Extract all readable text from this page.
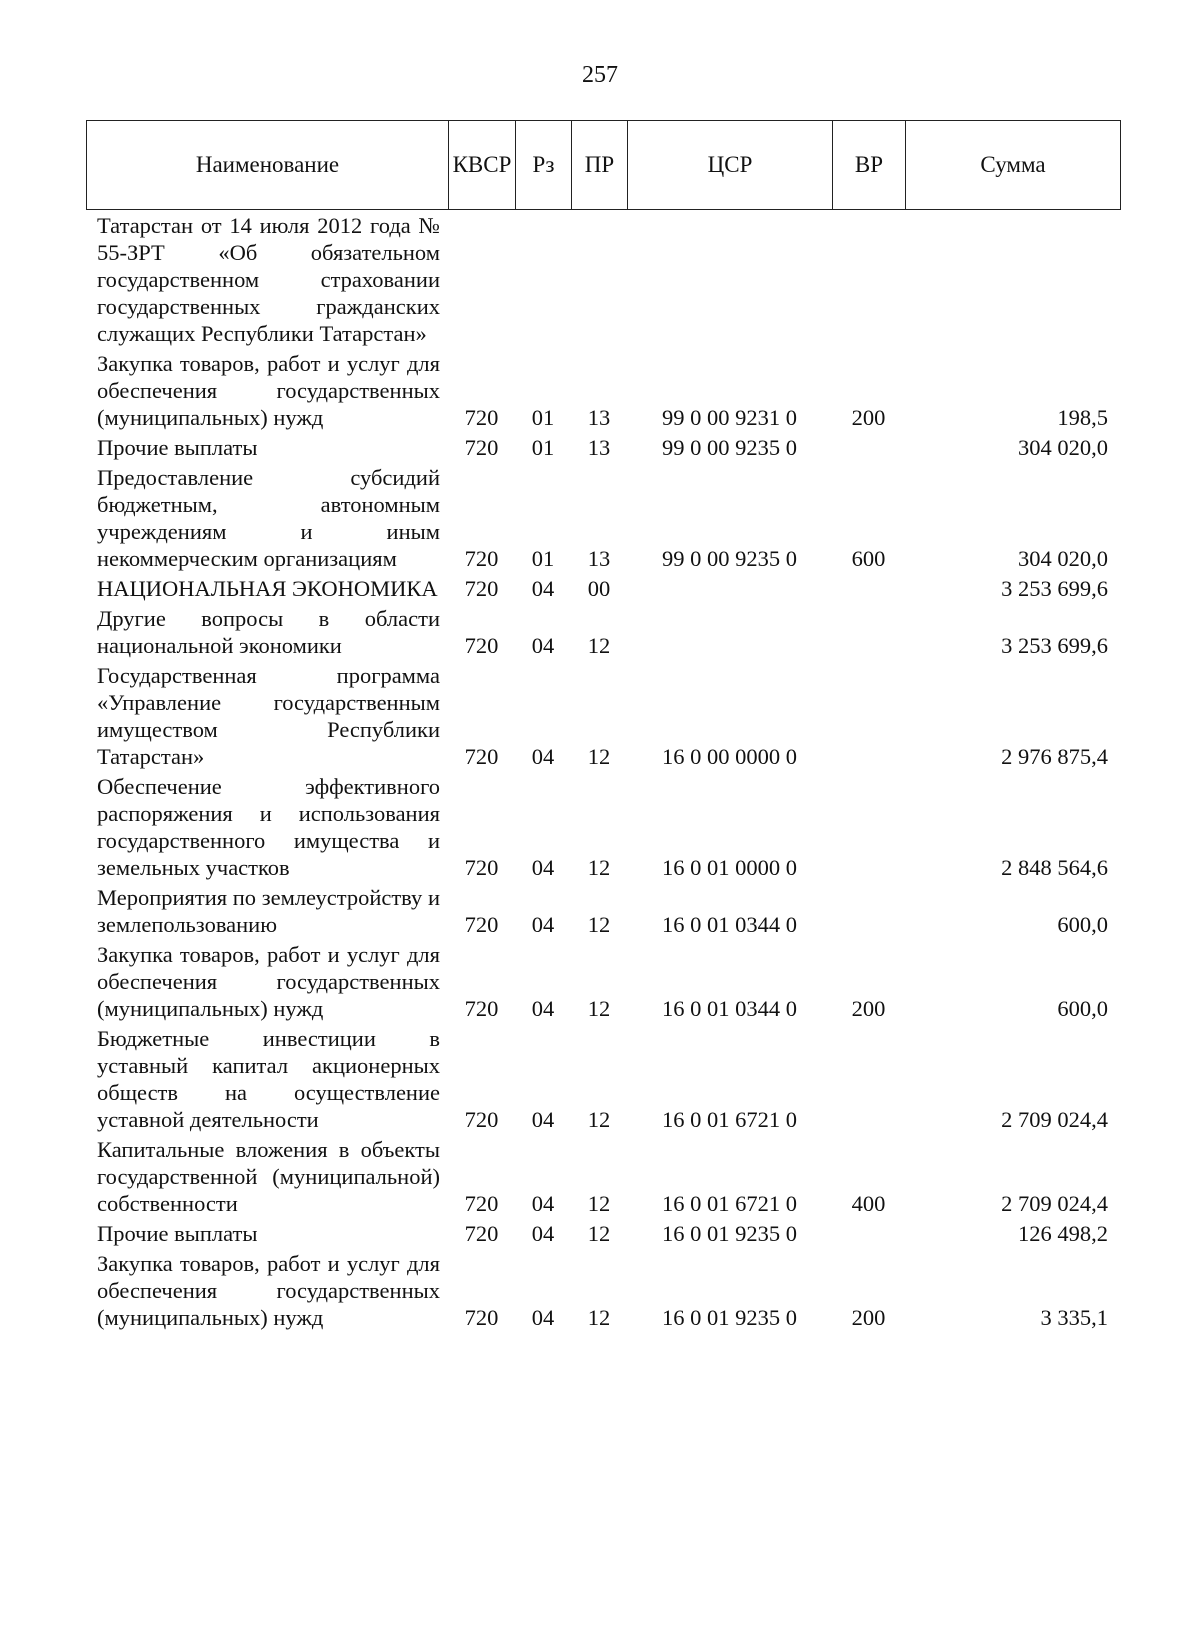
257
Наименование	КВСР	Рз	ПР	ЦСР	ВР	Сумма
Татарстан от 14 июля 2012 года № 55-ЗРТ «Об обязательном государственном страховании государственных гражданских служащих Республики Татарстан»						
Закупка товаров, работ и услуг для обеспечения государственных (муниципальных) нужд	720	01	13	99 0 00 9231 0	200	198,5
Прочие выплаты	720	01	13	99 0 00 9235 0		304 020,0
Предоставление субсидий бюджетным, автономным учреждениям и иным некоммерческим организациям	720	01	13	99 0 00 9235 0	600	304 020,0
НАЦИОНАЛЬНАЯ ЭКОНОМИКА	720	04	00			3 253 699,6
Другие вопросы в области национальной экономики	720	04	12			3 253 699,6
Государственная программа «Управление государственным имуществом Республики Татарстан»	720	04	12	16 0 00 0000 0		2 976 875,4
Обеспечение эффективного распоряжения и использования государственного имущества и земельных участков	720	04	12	16 0 01 0000 0		2 848 564,6
Мероприятия по землеустройству и землепользованию	720	04	12	16 0 01 0344 0		600,0
Закупка товаров, работ и услуг для обеспечения государственных (муниципальных) нужд	720	04	12	16 0 01 0344 0	200	600,0
Бюджетные инвестиции в уставный капитал акционерных обществ на осуществление уставной деятельности	720	04	12	16 0 01 6721 0		2 709 024,4
Капитальные вложения в объекты государственной (муниципальной) собственности	720	04	12	16 0 01 6721 0	400	2 709 024,4
Прочие выплаты	720	04	12	16 0 01 9235 0		126 498,2
Закупка товаров, работ и услуг для обеспечения государственных (муниципальных) нужд	720	04	12	16 0 01 9235 0	200	3 335,1
